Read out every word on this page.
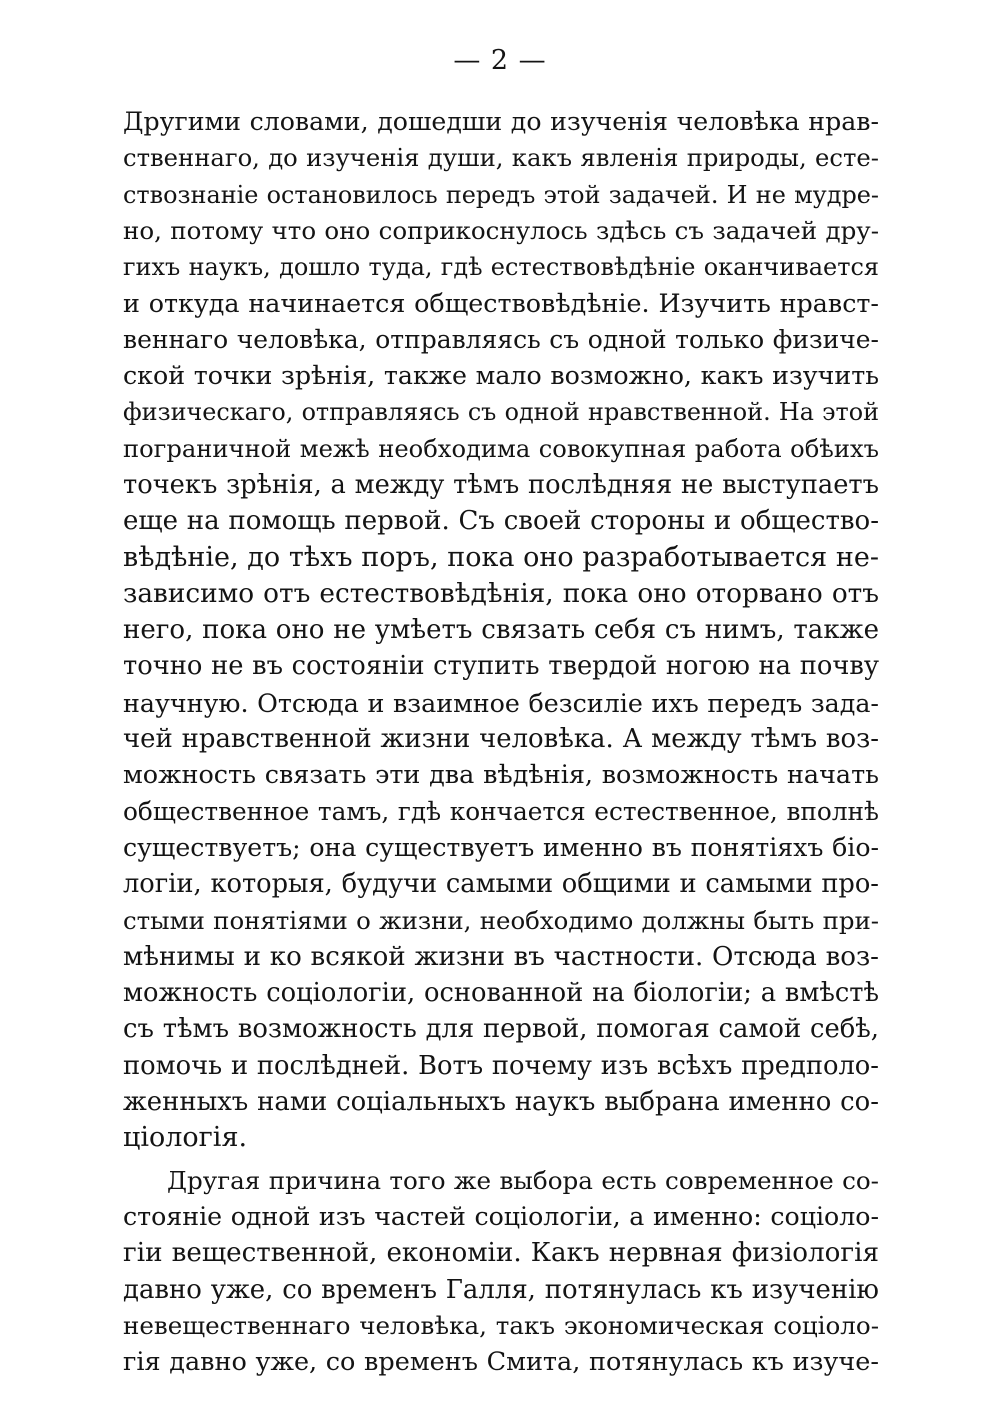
— 2 —
Другими словами, дошедши до изученія человѣка нрав-
ственнаго, до изученія души, какъ явленія природы, есте-
ствознаніе остановилось передъ этой задачей. И не мудре-
но, потому что оно соприкоснулось здѣсь съ задачей дру-
гихъ наукъ, дошло туда, гдѣ естествовѣдѣніе оканчивается
и откуда начинается обществовѣдѣніе. Изучить нравст-
веннаго человѣка, отправляясь съ одной только физиче-
ской точки зрѣнія, также мало возможно, какъ изучить
физическаго, отправляясь съ одной нравственной. На этой
пограничной межѣ необходима совокупная работа обѣихъ
точекъ зрѣнія, а между тѣмъ послѣдняя не выступаетъ
еще на помощь первой. Съ своей стороны и общество-
вѣдѣніе, до тѣхъ поръ, пока оно разработывается не-
зависимо отъ естествовѣдѣнія, пока оно оторвано отъ
него, пока оно не умѣетъ связать себя съ нимъ, также
точно не въ состояніи ступить твердой ногою на почву
научную. Отсюда и взаимное безсиліе ихъ передъ зада-
чей нравственной жизни человѣка. А между тѣмъ воз-
можность связать эти два вѣдѣнія, возможность начать
общественное тамъ, гдѣ кончается естественное, вполнѣ
существуетъ; она существуетъ именно въ понятіяхъ біо-
логіи, которыя, будучи самыми общими и самыми про-
стыми понятіями о жизни, необходимо должны быть при-
мѣнимы и ко всякой жизни въ частности. Отсюда воз-
можность соціологіи, основанной на біологіи; а вмѣстѣ
съ тѣмъ возможность для первой, помогая самой себѣ,
помочь и послѣдней. Вотъ почему изъ всѣхъ предполо-
женныхъ нами соціальныхъ наукъ выбрана именно со-
ціологія.
Другая причина того же выбора есть современное со-
стояніе одной изъ частей соціологіи, а именно: соціоло-
гіи вещественной, економіи. Какъ нервная физіологія
давно уже, со временъ Галля, потянулась къ изученію
невещественнаго человѣка, такъ экономическая соціоло-
гія давно уже, со временъ Смита, потянулась къ изуче-
